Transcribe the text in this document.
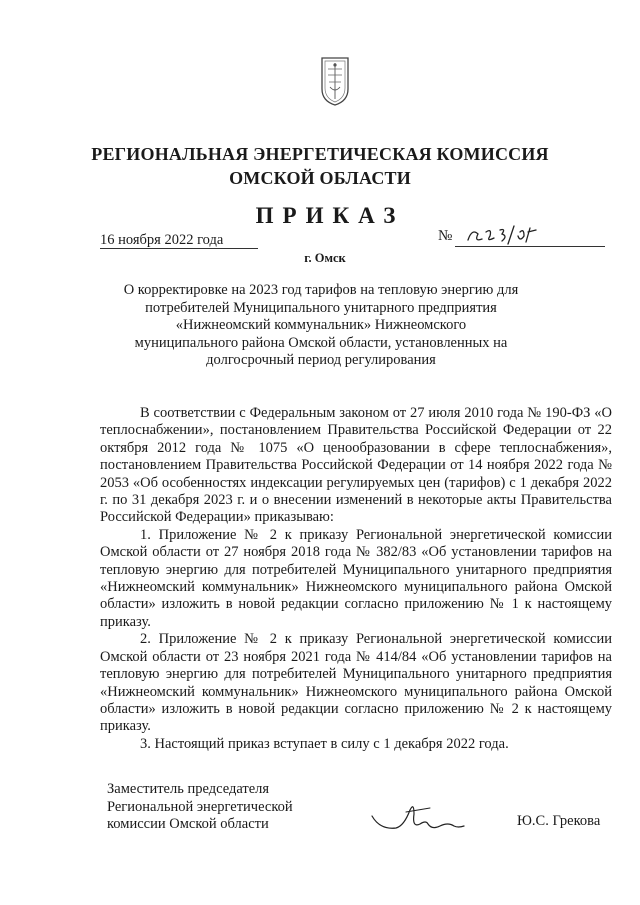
РЕГИОНАЛЬНАЯ ЭНЕРГЕТИЧЕСКАЯ КОМИССИЯ
ОМСКОЙ ОБЛАСТИ
ПРИКАЗ
16 ноября 2022 года	№
г. Омск
О корректировке на 2023 год тарифов на тепловую энергию для
потребителей Муниципального унитарного предприятия
«Нижнеомский коммунальник» Нижнеомского
муниципального района Омской области, установленных на
долгосрочный период регулирования

В соответствии с Федеральным законом от 27 июля 2010 года № 190-ФЗ «О теплоснабжении», постановлением Правительства Российской Федерации от 22 октября 2012 года № 1075 «О ценообразовании в сфере теплоснабжения», постановлением Правительства Российской Федерации от 14 ноября 2022 года № 2053 «Об особенностях индексации регулируемых цен (тарифов) с 1 декабря 2022 г. по 31 декабря 2023 г. и о внесении изменений в некоторые акты Правительства Российской Федерации» приказываю:

1. Приложение № 2 к приказу Региональной энергетической комиссии Омской области от 27 ноября 2018 года № 382/83 «Об установлении тарифов на тепловую энергию для потребителей Муниципального унитарного предприятия «Нижнеомский коммунальник» Нижнеомского муниципального района Омской области» изложить в новой редакции согласно приложению № 1 к настоящему приказу.

2. Приложение № 2 к приказу Региональной энергетической комиссии Омской области от 23 ноября 2021 года № 414/84 «Об установлении тарифов на тепловую энергию для потребителей Муниципального унитарного предприятия «Нижнеомский коммунальник» Нижнеомского муниципального района Омской области» изложить в новой редакции согласно приложению № 2 к настоящему приказу.

3. Настоящий приказ вступает в силу с 1 декабря 2022 года.

Заместитель председателя
Региональной энергетической
комиссии Омской области	Ю.С. Грекова
